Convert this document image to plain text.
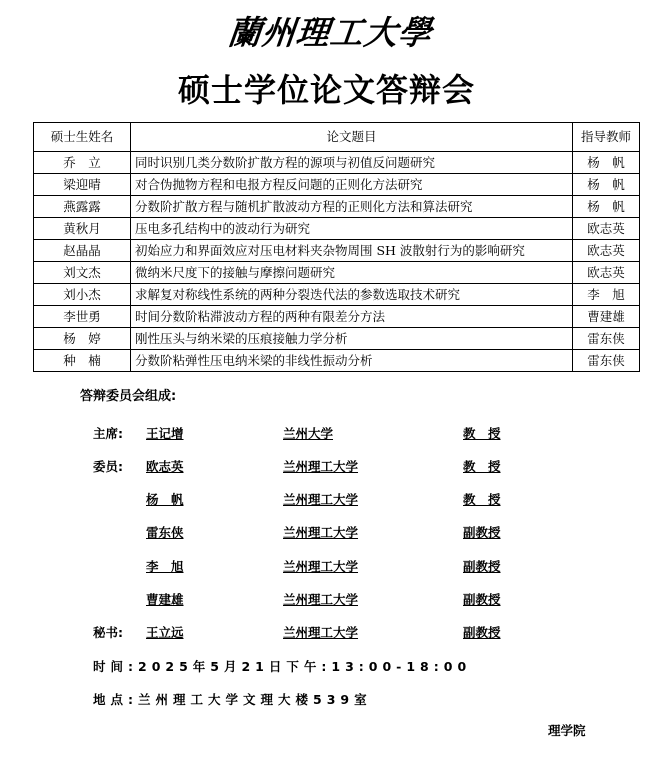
蘭州理工大學
硕士学位论文答辩会
硕士生姓名	论文题目	指导教师
乔　立	同时识别几类分数阶扩散方程的源项与初值反问题研究	杨　帆
梁迎晴	对合伪抛物方程和电报方程反问题的正则化方法研究	杨　帆
燕露露	分数阶扩散方程与随机扩散波动方程的正则化方法和算法研究	杨　帆
黄秋月	压电多孔结构中的波动行为研究	欧志英
赵晶晶	初始应力和界面效应对压电材料夹杂物周围 SH 波散射行为的影响研究	欧志英
刘文杰	微纳米尺度下的接触与摩擦问题研究	欧志英
刘小杰	求解复对称线性系统的两种分裂迭代法的参数选取技术研究	李　旭
李世勇	时间分数阶粘滞波动方程的两种有限差分方法	曹建雄
杨　婷	刚性压头与纳米梁的压痕接触力学分析	雷东侠
种　楠	分数阶粘弹性压电纳米梁的非线性振动分析	雷东侠
答辩委员会组成:
主席: 王记增	兰州大学	教　授
委员: 欧志英	兰州理工大学	教　授
杨　帆	兰州理工大学	教　授
雷东侠	兰州理工大学	副教授
李　旭	兰州理工大学	副教授
曹建雄	兰州理工大学	副教授
秘书: 王立远	兰州理工大学	副教授
时间:2025年5月21日下午:13:00-18:00
地点:兰州理工大学文理大楼539室
理学院
